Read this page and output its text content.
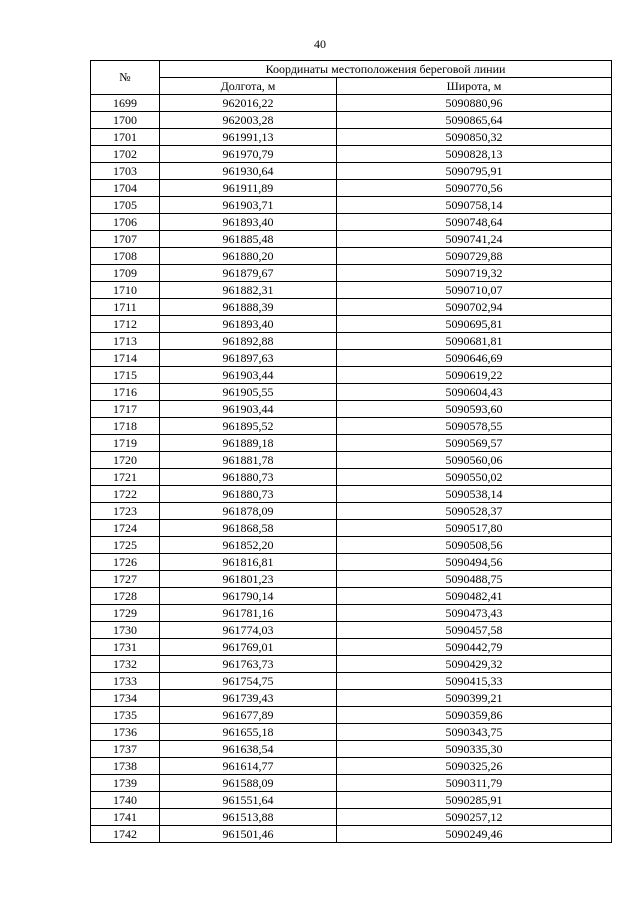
40
№	Координаты местоположения береговой линии	
	Долгота, м	Широта, м
1699	962016,22	5090880,96
1700	962003,28	5090865,64
1701	961991,13	5090850,32
1702	961970,79	5090828,13
1703	961930,64	5090795,91
1704	961911,89	5090770,56
1705	961903,71	5090758,14
1706	961893,40	5090748,64
1707	961885,48	5090741,24
1708	961880,20	5090729,88
1709	961879,67	5090719,32
1710	961882,31	5090710,07
1711	961888,39	5090702,94
1712	961893,40	5090695,81
1713	961892,88	5090681,81
1714	961897,63	5090646,69
1715	961903,44	5090619,22
1716	961905,55	5090604,43
1717	961903,44	5090593,60
1718	961895,52	5090578,55
1719	961889,18	5090569,57
1720	961881,78	5090560,06
1721	961880,73	5090550,02
1722	961880,73	5090538,14
1723	961878,09	5090528,37
1724	961868,58	5090517,80
1725	961852,20	5090508,56
1726	961816,81	5090494,56
1727	961801,23	5090488,75
1728	961790,14	5090482,41
1729	961781,16	5090473,43
1730	961774,03	5090457,58
1731	961769,01	5090442,79
1732	961763,73	5090429,32
1733	961754,75	5090415,33
1734	961739,43	5090399,21
1735	961677,89	5090359,86
1736	961655,18	5090343,75
1737	961638,54	5090335,30
1738	961614,77	5090325,26
1739	961588,09	5090311,79
1740	961551,64	5090285,91
1741	961513,88	5090257,12
1742	961501,46	5090249,46
